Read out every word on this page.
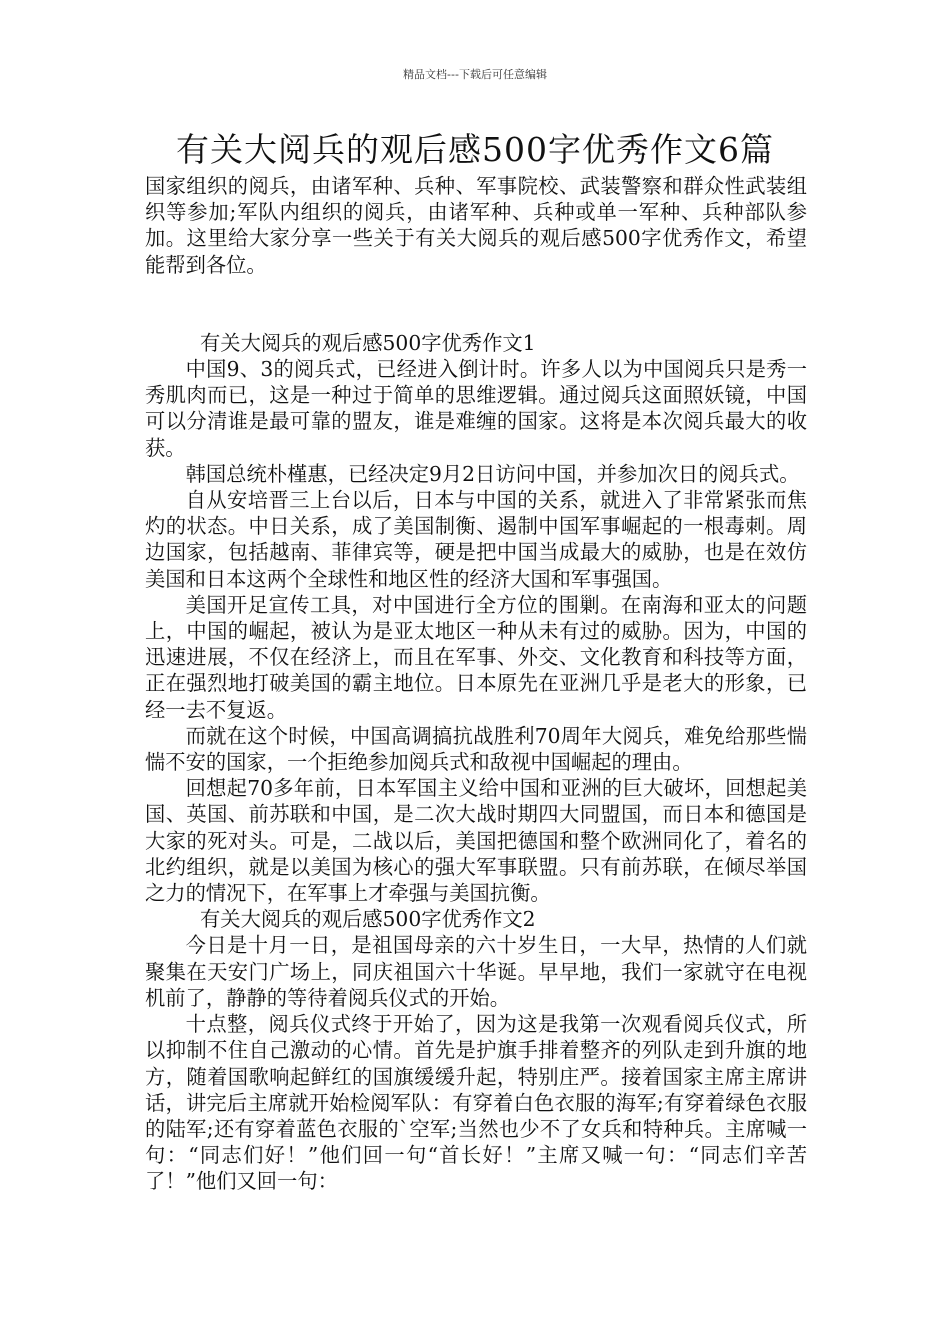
精品文档---下载后可任意编辑
有关大阅兵的观后感500字优秀作文6篇

国家组织的阅兵，由诸军种、兵种、军事院校、武装警察和群众性武装组织等参加;军队内组织的阅兵，由诸军种、兵种或单一军种、兵种部队参加。这里给大家分享一些关于有关大阅兵的观后感500字优秀作文，希望能帮到各位。

有关大阅兵的观后感500字优秀作文1

中国9、3的阅兵式，已经进入倒计时。许多人以为中国阅兵只是秀一秀肌肉而已，这是一种过于简单的思维逻辑。通过阅兵这面照妖镜，中国可以分清谁是最可靠的盟友，谁是难缠的国家。这将是本次阅兵最大的收获。

韩国总统朴槿惠，已经决定9月2日访问中国，并参加次日的阅兵式。

自从安培晋三上台以后，日本与中国的关系，就进入了非常紧张而焦灼的状态。中日关系，成了美国制衡、遏制中国军事崛起的一根毒刺。周边国家，包括越南、菲律宾等，硬是把中国当成最大的威胁，也是在效仿美国和日本这两个全球性和地区性的经济大国和军事强国。

美国开足宣传工具，对中国进行全方位的围剿。在南海和亚太的问题上，中国的崛起，被认为是亚太地区一种从未有过的威胁。因为，中国的迅速进展，不仅在经济上，而且在军事、外交、文化教育和科技等方面，正在强烈地打破美国的霸主地位。日本原先在亚洲几乎是老大的形象，已经一去不复返。

而就在这个时候，中国高调搞抗战胜利70周年大阅兵，难免给那些惴惴不安的国家，一个拒绝参加阅兵式和敌视中国崛起的理由。

回想起70多年前，日本军国主义给中国和亚洲的巨大破坏，回想起美国、英国、前苏联和中国，是二次大战时期四大同盟国，而日本和德国是大家的死对头。可是，二战以后，美国把德国和整个欧洲同化了，着名的北约组织，就是以美国为核心的强大军事联盟。只有前苏联，在倾尽举国之力的情况下，在军事上才牵强与美国抗衡。

有关大阅兵的观后感500字优秀作文2

今日是十月一日，是祖国母亲的六十岁生日，一大早，热情的人们就聚集在天安门广场上，同庆祖国六十华诞。早早地，我们一家就守在电视机前了，静静的等待着阅兵仪式的开始。

十点整，阅兵仪式终于开始了，因为这是我第一次观看阅兵仪式，所以抑制不住自己激动的心情。首先是护旗手排着整齐的列队走到升旗的地方，随着国歌响起鲜红的国旗缓缓升起，特别庄严。接着国家主席主席讲话，讲完后主席就开始检阅军队：有穿着白色衣服的海军;有穿着绿色衣服的陆军;还有穿着蓝色衣服的`空军;当然也少不了女兵和特种兵。主席喊一句：“同志们好！”他们回一句“首长好！”主席又喊一句：“同志们辛苦了！”他们又回一句：
